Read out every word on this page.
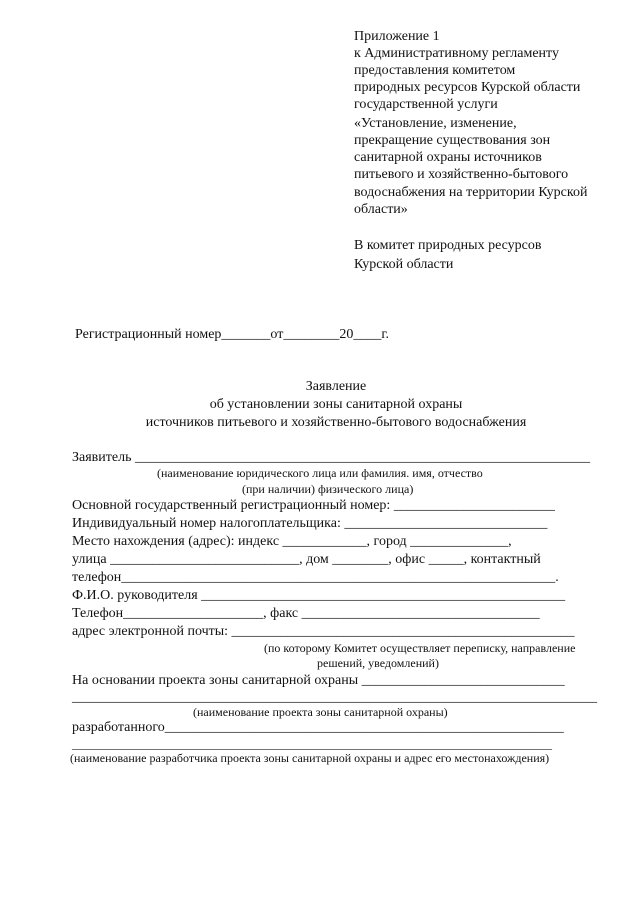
Приложение 1
к Административному регламенту
предоставления комитетом
природных ресурсов Курской области
государственной услуги
«Установление, изменение,
прекращение существования зон
санитарной охраны источников
питьевого и хозяйственно-бытового
водоснабжения на территории Курской
области»
В комитет природных ресурсов
Курской области
Регистрационный номер_______от________20____г.
Заявление
об установлении зоны санитарной охраны
источников питьевого и хозяйственно-бытового водоснабжения
Заявитель _________________________________________________________________
(наименование юридического лица или фамилия. имя, отчество
(при наличии) физического лица)
Основной государственный регистрационный номер: _______________________
Индивидуальный номер налогоплательщика: _____________________________
Место нахождения (адрес): индекс ____________, город ______________,
улица ___________________________, дом ________, офис _____, контактный
телефон______________________________________________________________.
Ф.И.О. руководителя ____________________________________________________
Телефон____________________, факс __________________________________
адрес электронной почты: _________________________________________________
(по которому Комитет осуществляет переписку, направление
решений, уведомлений)
На основании проекта зоны санитарной охраны _____________________________
___________________________________________________________________________
(наименование проекта зоны санитарной охраны)
разработанного_________________________________________________________
________________________________________________________________________________
(наименование разработчика проекта зоны санитарной охраны и адрес его местонахождения)
